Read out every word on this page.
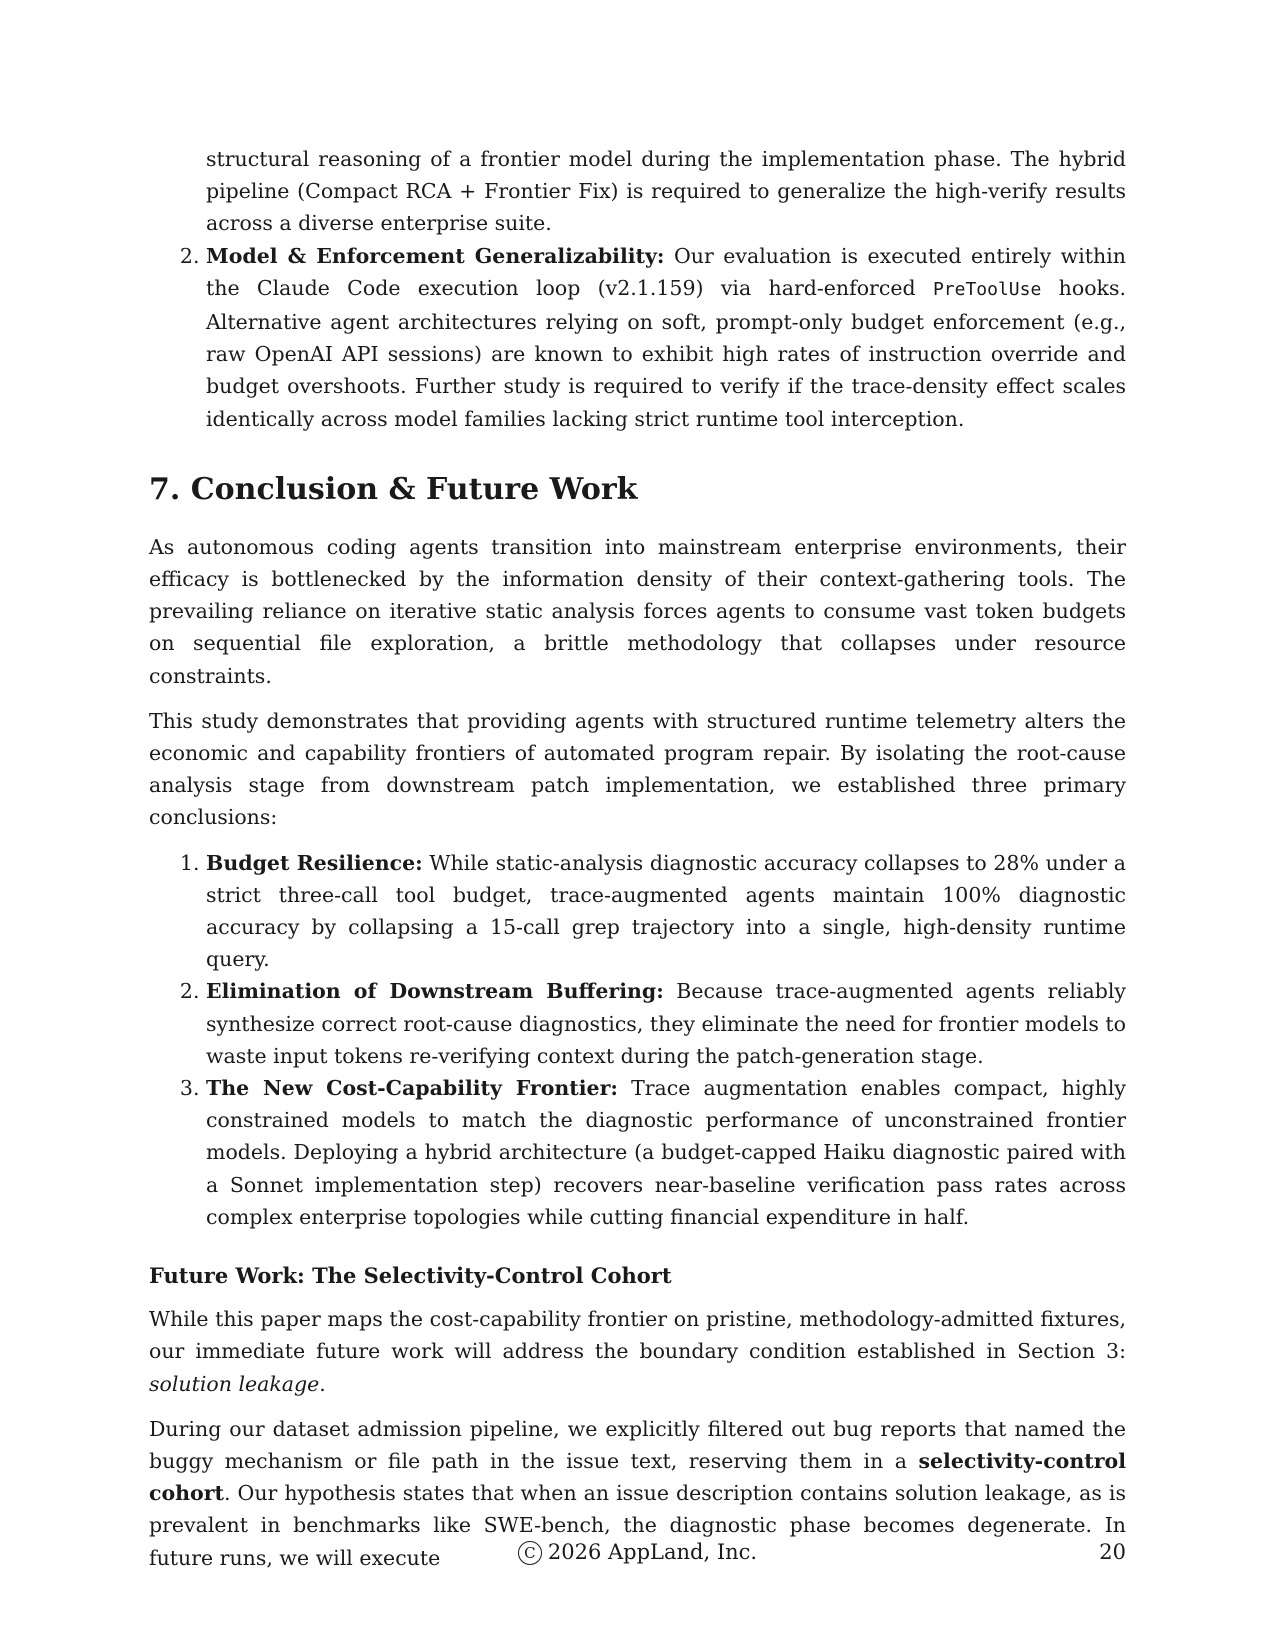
structural reasoning of a frontier model during the implementation phase. The hybrid pipeline (Compact RCA + Frontier Fix) is required to generalize the high-verify results across a diverse enterprise suite.

2. Model & Enforcement Generalizability: Our evaluation is executed entirely within the Claude Code execution loop (v2.1.159) via hard-enforced PreToolUse hooks. Alternative agent architectures relying on soft, prompt-only budget enforcement (e.g., raw OpenAI API sessions) are known to exhibit high rates of instruction override and budget overshoots. Further study is required to verify if the trace-density effect scales identically across model families lacking strict runtime tool interception.
7. Conclusion & Future Work

As autonomous coding agents transition into mainstream enterprise environments, their efficacy is bottlenecked by the information density of their context-gathering tools. The prevailing reliance on iterative static analysis forces agents to consume vast token budgets on sequential file exploration, a brittle methodology that collapses under resource constraints.

This study demonstrates that providing agents with structured runtime telemetry alters the economic and capability frontiers of automated program repair. By isolating the root-cause analysis stage from downstream patch implementation, we established three primary conclusions:

1. Budget Resilience: While static-analysis diagnostic accuracy collapses to 28% under a strict three-call tool budget, trace-augmented agents maintain 100% diagnostic accuracy by collapsing a 15-call grep trajectory into a single, high-density runtime query.
2. Elimination of Downstream Buffering: Because trace-augmented agents reliably synthesize correct root-cause diagnostics, they eliminate the need for frontier models to waste input tokens re-verifying context during the patch-generation stage.
3. The New Cost-Capability Frontier: Trace augmentation enables compact, highly constrained models to match the diagnostic performance of unconstrained frontier models. Deploying a hybrid architecture (a budget-capped Haiku diagnostic paired with a Sonnet implementation step) recovers near-baseline verification pass rates across complex enterprise topologies while cutting financial expenditure in half.
Future Work: The Selectivity-Control Cohort

While this paper maps the cost-capability frontier on pristine, methodology-admitted fixtures, our immediate future work will address the boundary condition established in Section 3: solution leakage.

During our dataset admission pipeline, we explicitly filtered out bug reports that named the buggy mechanism or file path in the issue text, reserving them in a selectivity-control cohort. Our hypothesis states that when an issue description contains solution leakage, as is prevalent in benchmarks like SWE-bench, the diagnostic phase becomes degenerate. In future runs, we will execute	C 2026 AppLand, Inc.	20
